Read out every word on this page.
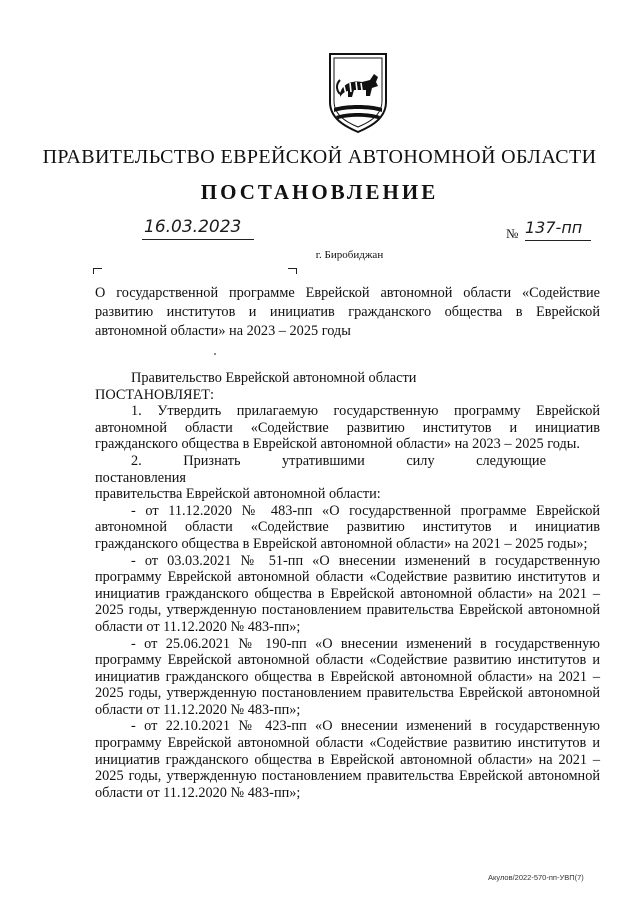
ПРАВИТЕЛЬСТВО ЕВРЕЙСКОЙ АВТОНОМНОЙ ОБЛАСТИ
ПОСТАНОВЛЕНИЕ
16.03.2023	№ 137-пп
г. Биробиджан
О государственной программе Еврейской автономной области «Содействие развитию институтов и инициатив гражданского общества в Еврейской автономной области» на 2023 – 2025 годы

Правительство Еврейской автономной области

ПОСТАНОВЛЯЕТ:

1. Утвердить прилагаемую государственную программу Еврейской автономной области «Содействие развитию институтов и инициатив гражданского общества в Еврейской автономной области» на 2023 – 2025 годы.

2. Признать утратившими силу следующие постановления

правительства Еврейской автономной области:

- от 11.12.2020 № 483-пп «О государственной программе Еврейской автономной области «Содействие развитию институтов и инициатив гражданского общества в Еврейской автономной области» на 2021 – 2025 годы»;

- от 03.03.2021 № 51-пп «О внесении изменений в государственную программу Еврейской автономной области «Содействие развитию институтов и инициатив гражданского общества в Еврейской автономной области» на 2021 – 2025 годы, утвержденную постановлением правительства Еврейской автономной области от 11.12.2020 № 483-пп»;

- от 25.06.2021 № 190-пп «О внесении изменений в государственную программу Еврейской автономной области «Содействие развитию институтов и инициатив гражданского общества в Еврейской автономной области» на 2021 – 2025 годы, утвержденную постановлением правительства Еврейской автономной области от 11.12.2020 № 483-пп»;

- от 22.10.2021 № 423-пп «О внесении изменений в государственную программу Еврейской автономной области «Содействие развитию институтов и инициатив гражданского общества в Еврейской автономной области» на 2021 – 2025 годы, утвержденную постановлением правительства Еврейской автономной области от 11.12.2020 № 483-пп»;

Акулов/2022-570-пп-УВП(7)
